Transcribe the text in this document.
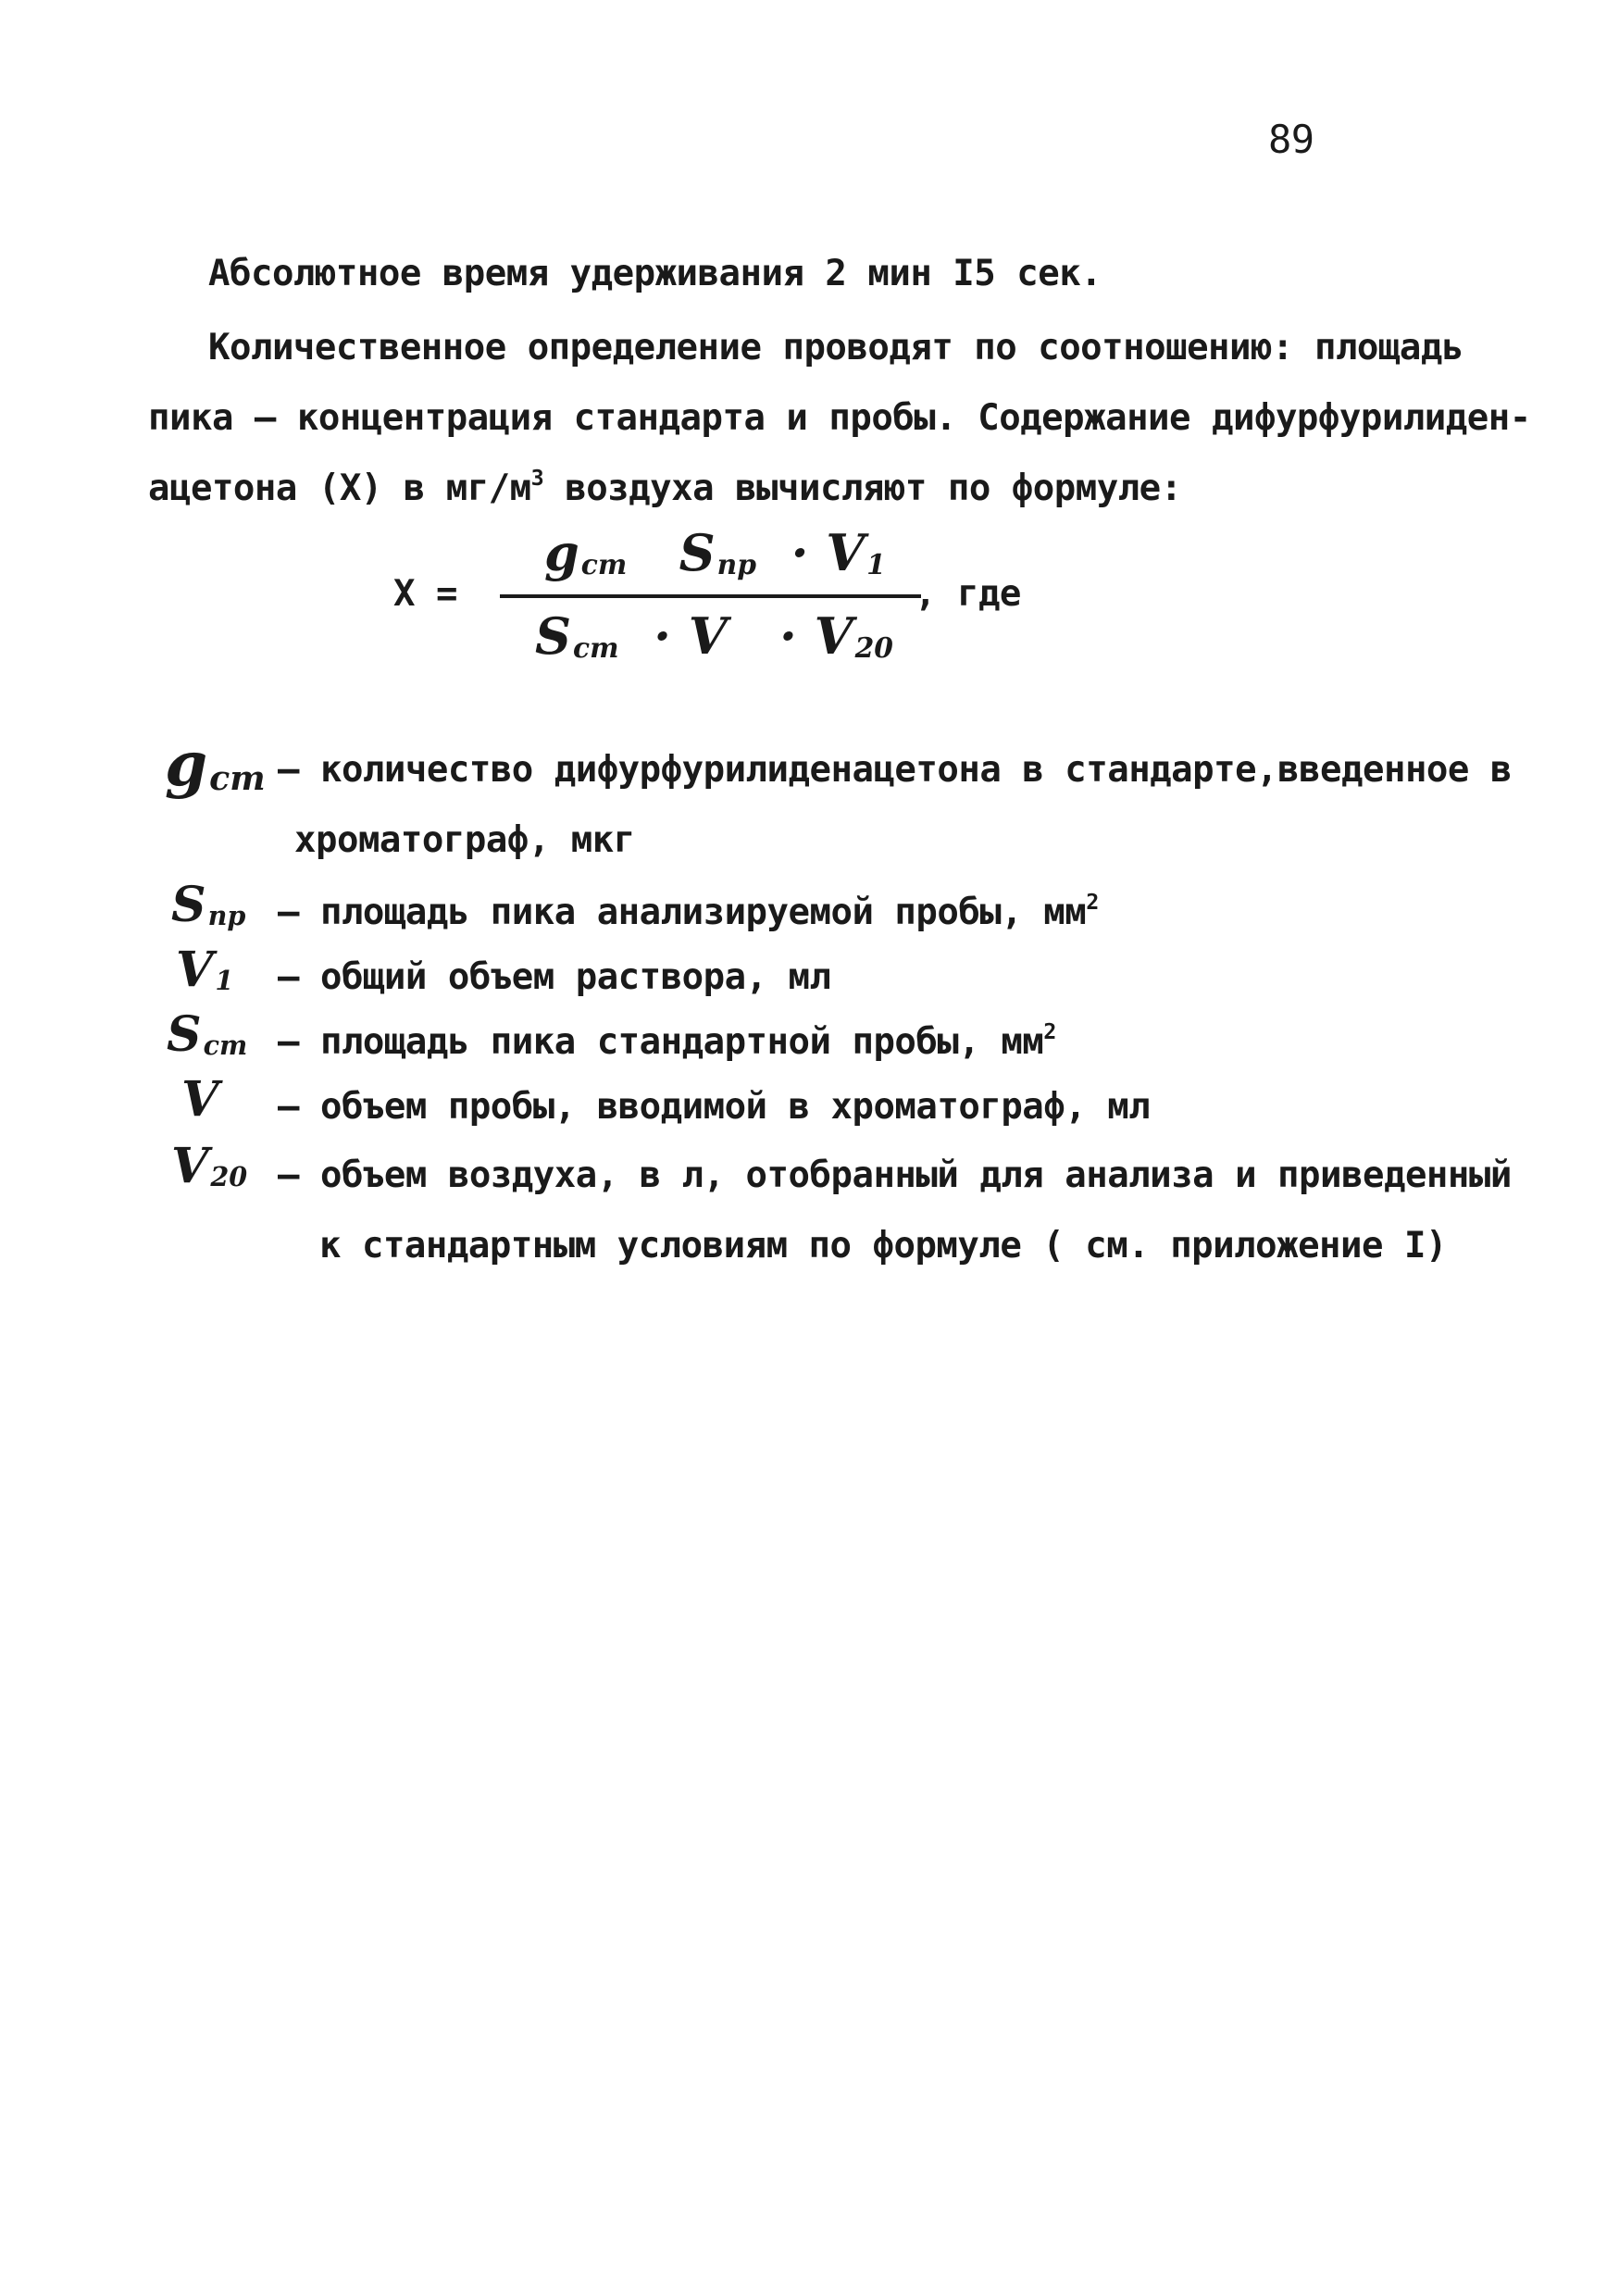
89
Абсолютное время удерживания 2 мин I5 сек.
Количественное определение проводят по соотношению: площадь
пика – концентрация стандарта и пробы. Содержание дифурфурилиден-
ацетона (X) в $мг/м^3$ воздуха вычисляют по формуле:
X =
gст Sпр · V1
, где
Sст · V · V20
gст – количество дифурфурилиденацетона в стандарте,введенное в
хроматограф, мкг
Sпр – площадь пика анализируемой пробы, $мм^2$
V1 – общий объем раствора, мл
Sст – площадь пика стандартной пробы, $мм^2$
V – объем пробы, вводимой в хроматограф, мл
V20 – объем воздуха, в л, отобранный для анализа и приведенный
к стандартным условиям по формуле ( см. приложение I)
